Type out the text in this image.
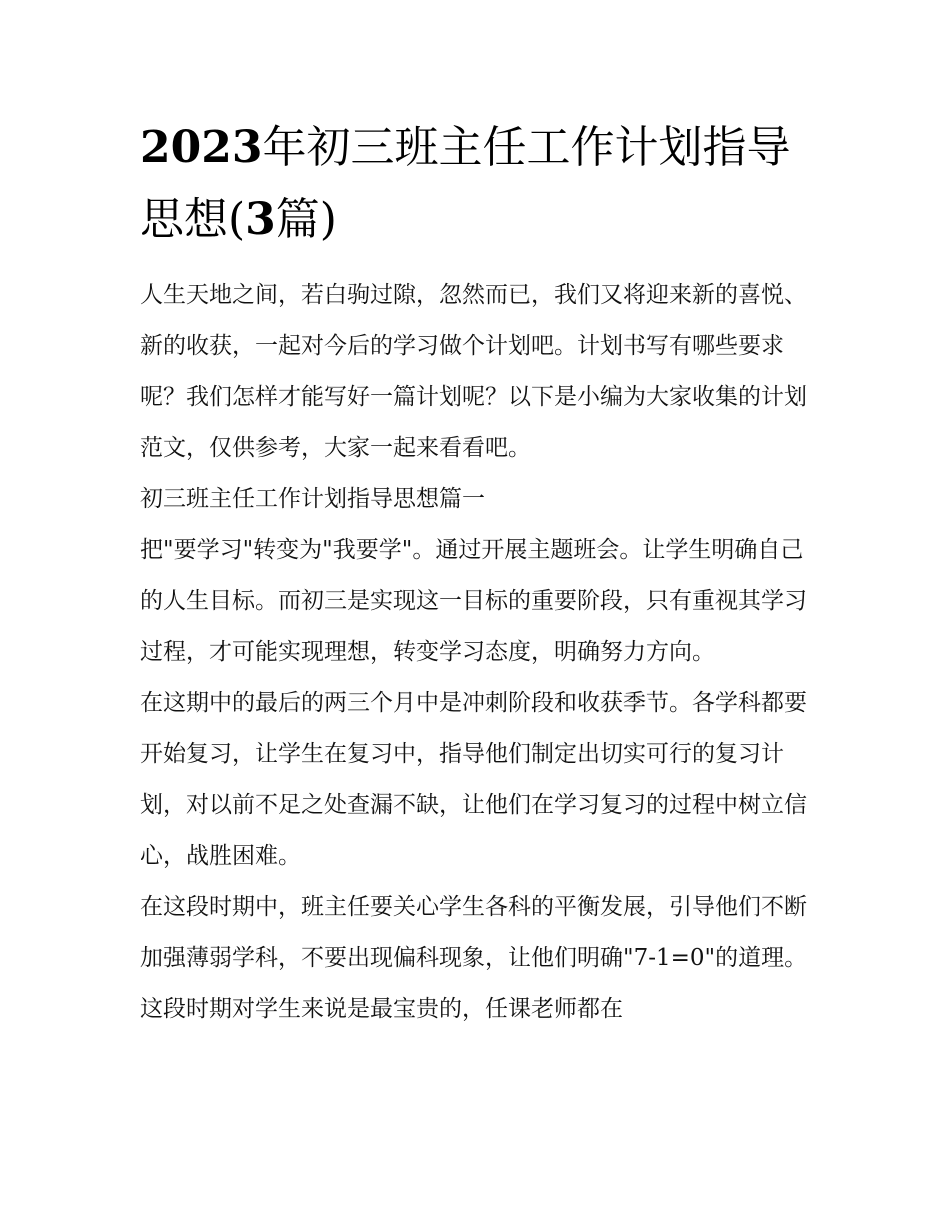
2023年初三班主任工作计划指导思想(3篇)

人生天地之间，若白驹过隙，忽然而已，我们又将迎来新的喜悦、新的收获，一起对今后的学习做个计划吧。计划书写有哪些要求呢？我们怎样才能写好一篇计划呢？以下是小编为大家收集的计划范文，仅供参考，大家一起来看看吧。

初三班主任工作计划指导思想篇一

把"要学习"转变为"我要学"。通过开展主题班会。让学生明确自己的人生目标。而初三是实现这一目标的重要阶段，只有重视其学习过程，才可能实现理想，转变学习态度，明确努力方向。

在这期中的最后的两三个月中是冲刺阶段和收获季节。各学科都要开始复习，让学生在复习中，指导他们制定出切实可行的复习计划，对以前不足之处查漏不缺，让他们在学习复习的过程中树立信心，战胜困难。

在这段时期中，班主任要关心学生各科的平衡发展，引导他们不断加强薄弱学科，不要出现偏科现象，让他们明确"7-1=0"的道理。这段时期对学生来说是最宝贵的，任课老师都在
